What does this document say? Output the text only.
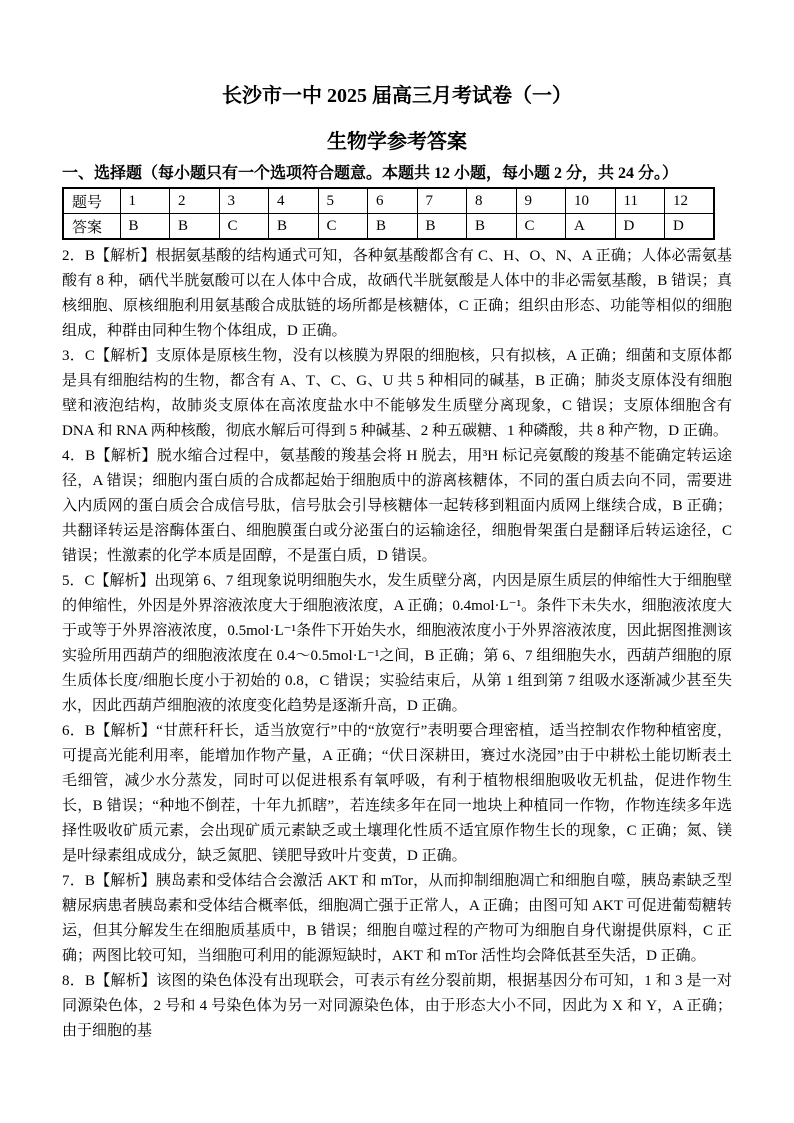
长沙市一中 2025 届高三月考试卷（一）
生物学参考答案
一、选择题（每小题只有一个选项符合题意。本题共 12 小题，每小题 2 分，共 24 分。）
题号	1	2	3	4	5	6	7	8	9	10	11	12
答案	B	B	C	B	C	B	B	B	C	A	D	D

2．B【解析】根据氨基酸的结构通式可知，各种氨基酸都含有 C、H、O、N、A 正确；人体必需氨基酸有 8 种，硒代半胱氨酸可以在人体中合成，故硒代半胱氨酸是人体中的非必需氨基酸，B 错误；真核细胞、原核细胞利用氨基酸合成肽链的场所都是核糖体，C 正确；组织由形态、功能等相似的细胞组成，种群由同种生物个体组成，D 正确。

3．C【解析】支原体是原核生物，没有以核膜为界限的细胞核，只有拟核，A 正确；细菌和支原体都是具有细胞结构的生物，都含有 A、T、C、G、U 共 5 种相同的碱基，B 正确；肺炎支原体没有细胞壁和液泡结构，故肺炎支原体在高浓度盐水中不能够发生质壁分离现象，C 错误；支原体细胞含有 DNA 和 RNA 两种核酸，彻底水解后可得到 5 种碱基、2 种五碳糖、1 种磷酸，共 8 种产物，D 正确。

4．B【解析】脱水缩合过程中，氨基酸的羧基会将 H 脱去，用³H 标记亮氨酸的羧基不能确定转运途径，A 错误；细胞内蛋白质的合成都起始于细胞质中的游离核糖体，不同的蛋白质去向不同，需要进入内质网的蛋白质会合成信号肽，信号肽会引导核糖体一起转移到粗面内质网上继续合成，B 正确；共翻译转运是溶酶体蛋白、细胞膜蛋白或分泌蛋白的运输途径，细胞骨架蛋白是翻译后转运途径，C 错误；性激素的化学本质是固醇，不是蛋白质，D 错误。

5．C【解析】出现第 6、7 组现象说明细胞失水，发生质壁分离，内因是原生质层的伸缩性大于细胞壁的伸缩性，外因是外界溶液浓度大于细胞液浓度，A 正确；0.4mol·L⁻¹。条件下未失水，细胞液浓度大于或等于外界溶液浓度，0.5mol·L⁻¹条件下开始失水，细胞液浓度小于外界溶液浓度，因此据图推测该实验所用西葫芦的细胞液浓度在 0.4～0.5mol·L⁻¹之间，B 正确；第 6、7 组细胞失水，西葫芦细胞的原生质体长度/细胞长度小于初始的 0.8，C 错误；实验结束后，从第 1 组到第 7 组吸水逐渐减少甚至失水，因此西葫芦细胞液的浓度变化趋势是逐渐升高，D 正确。

6．B【解析】“甘蔗秆秆长，适当放宽行”中的“放宽行”表明要合理密植，适当控制农作物种植密度，可提高光能利用率，能增加作物产量，A 正确；“伏日深耕田，赛过水浇园”由于中耕松土能切断表土毛细管，减少水分蒸发，同时可以促进根系有氧呼吸，有利于植物根细胞吸收无机盐，促进作物生长，B 错误；“种地不倒茬，十年九抓瞎”，若连续多年在同一地块上种植同一作物，作物连续多年选择性吸收矿质元素，会出现矿质元素缺乏或土壤理化性质不适宜原作物生长的现象，C 正确；氮、镁是叶绿素组成成分，缺乏氮肥、镁肥导致叶片变黄，D 正确。

7．B【解析】胰岛素和受体结合会激活 AKT 和 mTor，从而抑制细胞凋亡和细胞自噬，胰岛素缺乏型糖尿病患者胰岛素和受体结合概率低，细胞凋亡强于正常人，A 正确；由图可知 AKT 可促进葡萄糖转运，但其分解发生在细胞质基质中，B 错误；细胞自噬过程的产物可为细胞自身代谢提供原料，C 正确；两图比较可知，当细胞可利用的能源短缺时，AKT 和 mTor 活性均会降低甚至失活，D 正确。

8．B【解析】该图的染色体没有出现联会，可表示有丝分裂前期，根据基因分布可知，1 和 3 是一对同源染色体，2 号和 4 号染色体为另一对同源染色体，由于形态大小不同，因此为 X 和 Y，A 正确；由于细胞的基
